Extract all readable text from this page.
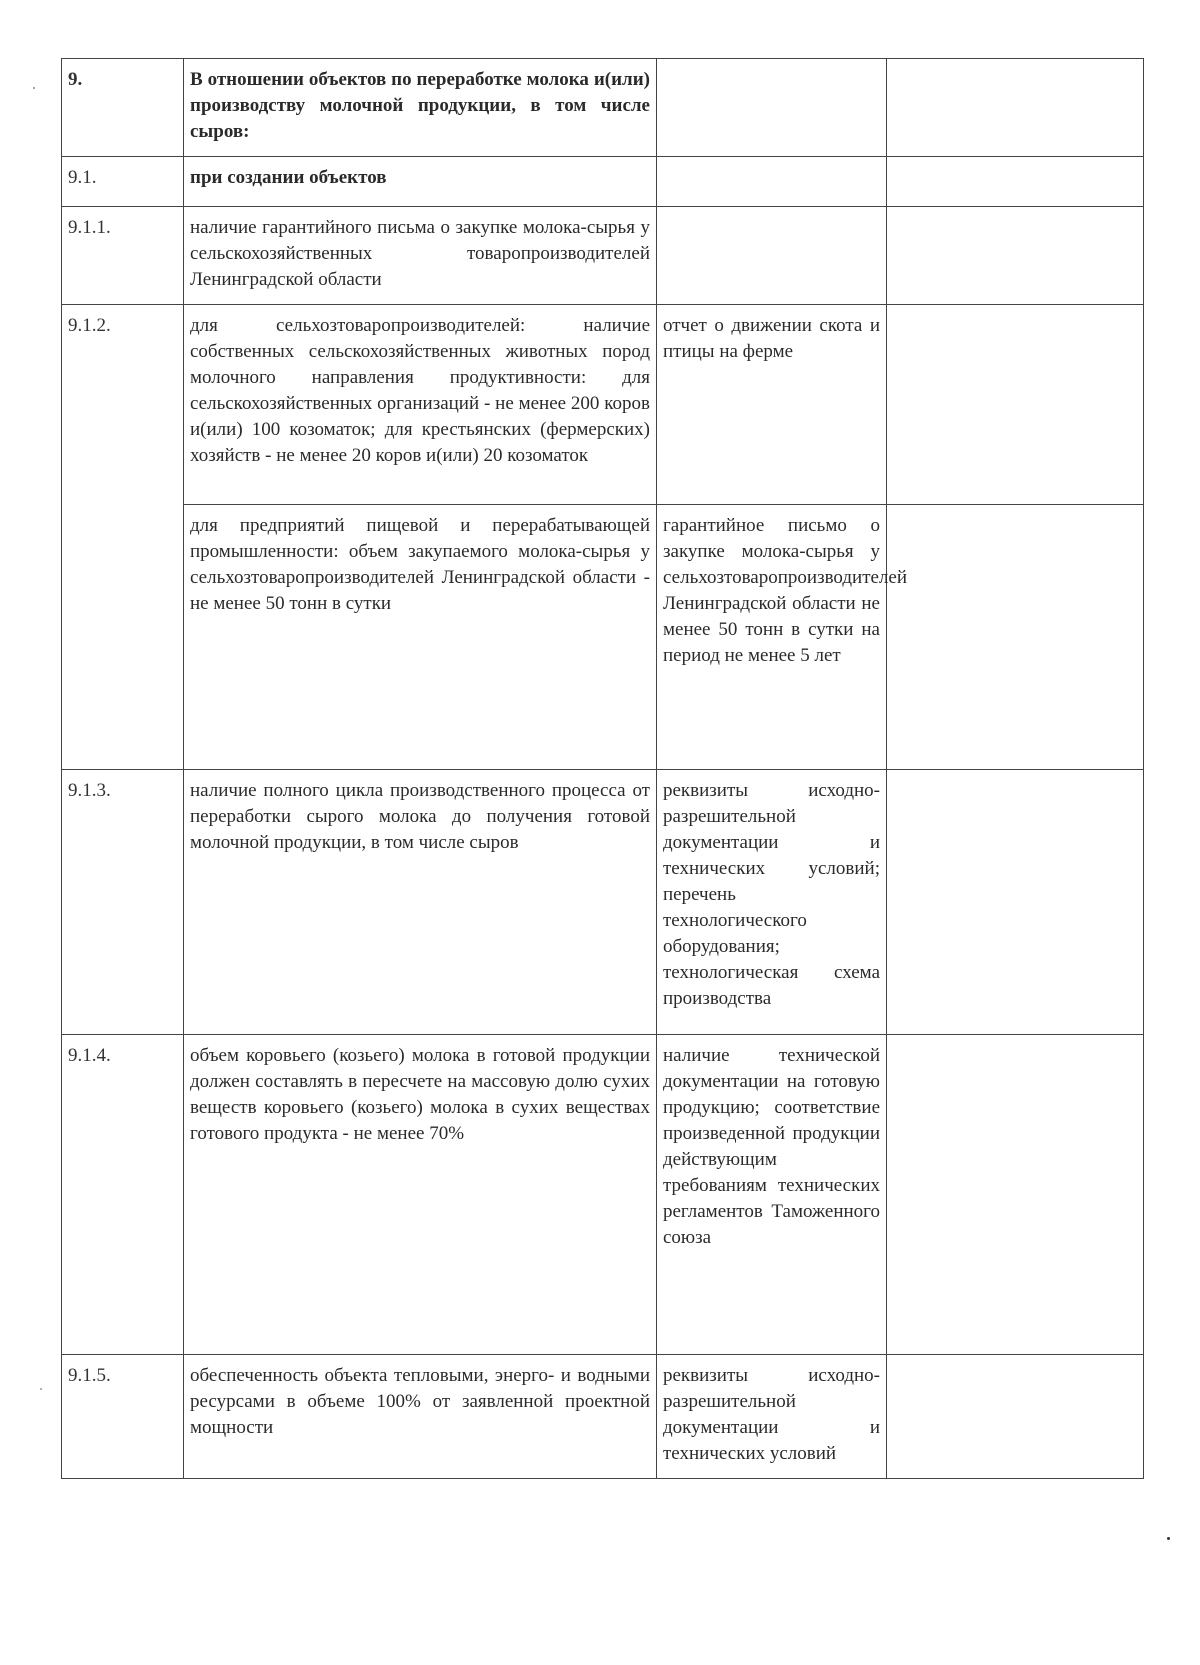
9.	В отношении объектов по переработке молока и(или) производству молочной продукции, в том числе сыров:		
9.1.	при создании объектов		
9.1.1.	наличие гарантийного письма о закупке молока-сырья у сельскохозяйственных товаропроизводителей Ленинградской области		
9.1.2.	для сельхозтоваропроизводителей: наличие собственных сельскохозяйственных животных пород молочного направления продуктивности: для сельскохозяйственных организаций - не менее 200 коров и(или) 100 козоматок; для крестьянских (фермерских) хозяйств - не менее 20 коров и(или) 20 козоматок	отчет о движении скота и птицы на ферме	
	для предприятий пищевой и перерабатывающей промышленности: объем закупаемого молока-сырья у сельхозтоваропроизводителей Ленинградской области - не менее 50 тонн в сутки	гарантийное письмо о закупке молока-сырья у сельхозтоваропроизводителей Ленинградской области не менее 50 тонн в сутки на период не менее 5 лет	
9.1.3.	наличие полного цикла производственного процесса от переработки сырого молока до получения готовой молочной продукции, в том числе сыров	реквизиты исходно-разрешительной документации и технических условий; перечень технологического оборудования; технологическая схема производства	
9.1.4.	объем коровьего (козьего) молока в готовой продукции должен составлять в пересчете на массовую долю сухих веществ коровьего (козьего) молока в сухих веществах готового продукта - не менее 70%	наличие технической документации на готовую продукцию; соответствие произведенной продукции действующим требованиям технических регламентов Таможенного союза	
9.1.5.	обеспеченность объекта тепловыми, энерго- и водными ресурсами в объеме 100% от заявленной проектной мощности	реквизиты исходно-разрешительной документации и технических условий	
